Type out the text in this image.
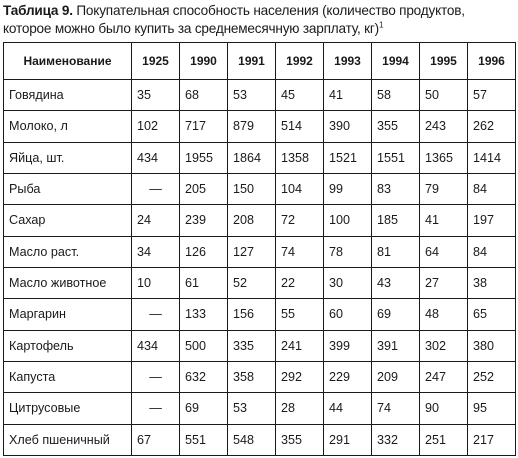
Таблица 9. Покупательная способность населения (количество продуктов, которое можно было купить за среднемесячную зарплату, кг)$^1$
Наименование	1925	1990	1991	1992	1993	1994	1995	1996
Говядина	35	68	53	45	41	58	50	57
Молоко, л	102	717	879	514	390	355	243	262
Яйца, шт.	434	1955	1864	1358	1521	1551	1365	1414
Рыба	—	205	150	104	99	83	79	84
Сахар	24	239	208	72	100	185	41	197
Масло раст.	34	126	127	74	78	81	64	84
Масло животное	10	61	52	22	30	43	27	38
Маргарин	—	133	156	55	60	69	48	65
Картофель	434	500	335	241	399	391	302	380
Капуста	—	632	358	292	229	209	247	252
Цитрусовые	—	69	53	28	44	74	90	95
Хлеб пшеничный	67	551	548	355	291	332	251	217
